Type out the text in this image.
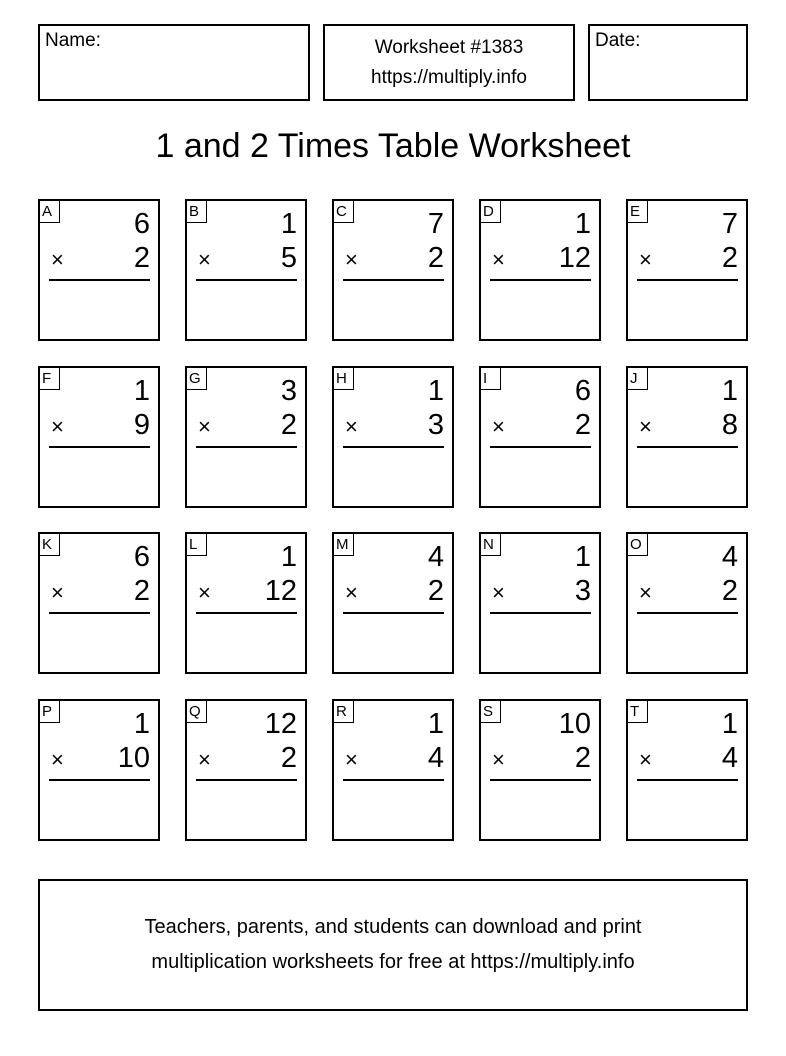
Name:	Worksheet #1383
https://multiply.info
Date:
1 and 2 Times Table Worksheet
A	6
× 2
B	1
× 5
C	7
× 2
D	1
× 12
E	7
× 2
F	1
× 9
G	3
× 2
H	1
× 3
I	6
× 2
J	1
× 8
K	6
× 2
L	1
× 12
M	4
× 2
N	1
× 3
O	4
× 2
P	1
× 10
Q 12
× 2
R	1
× 4
S 10
× 2
T	1
× 4
Teachers, parents, and students can download and print
multiplication worksheets for free at https://multiply.info
